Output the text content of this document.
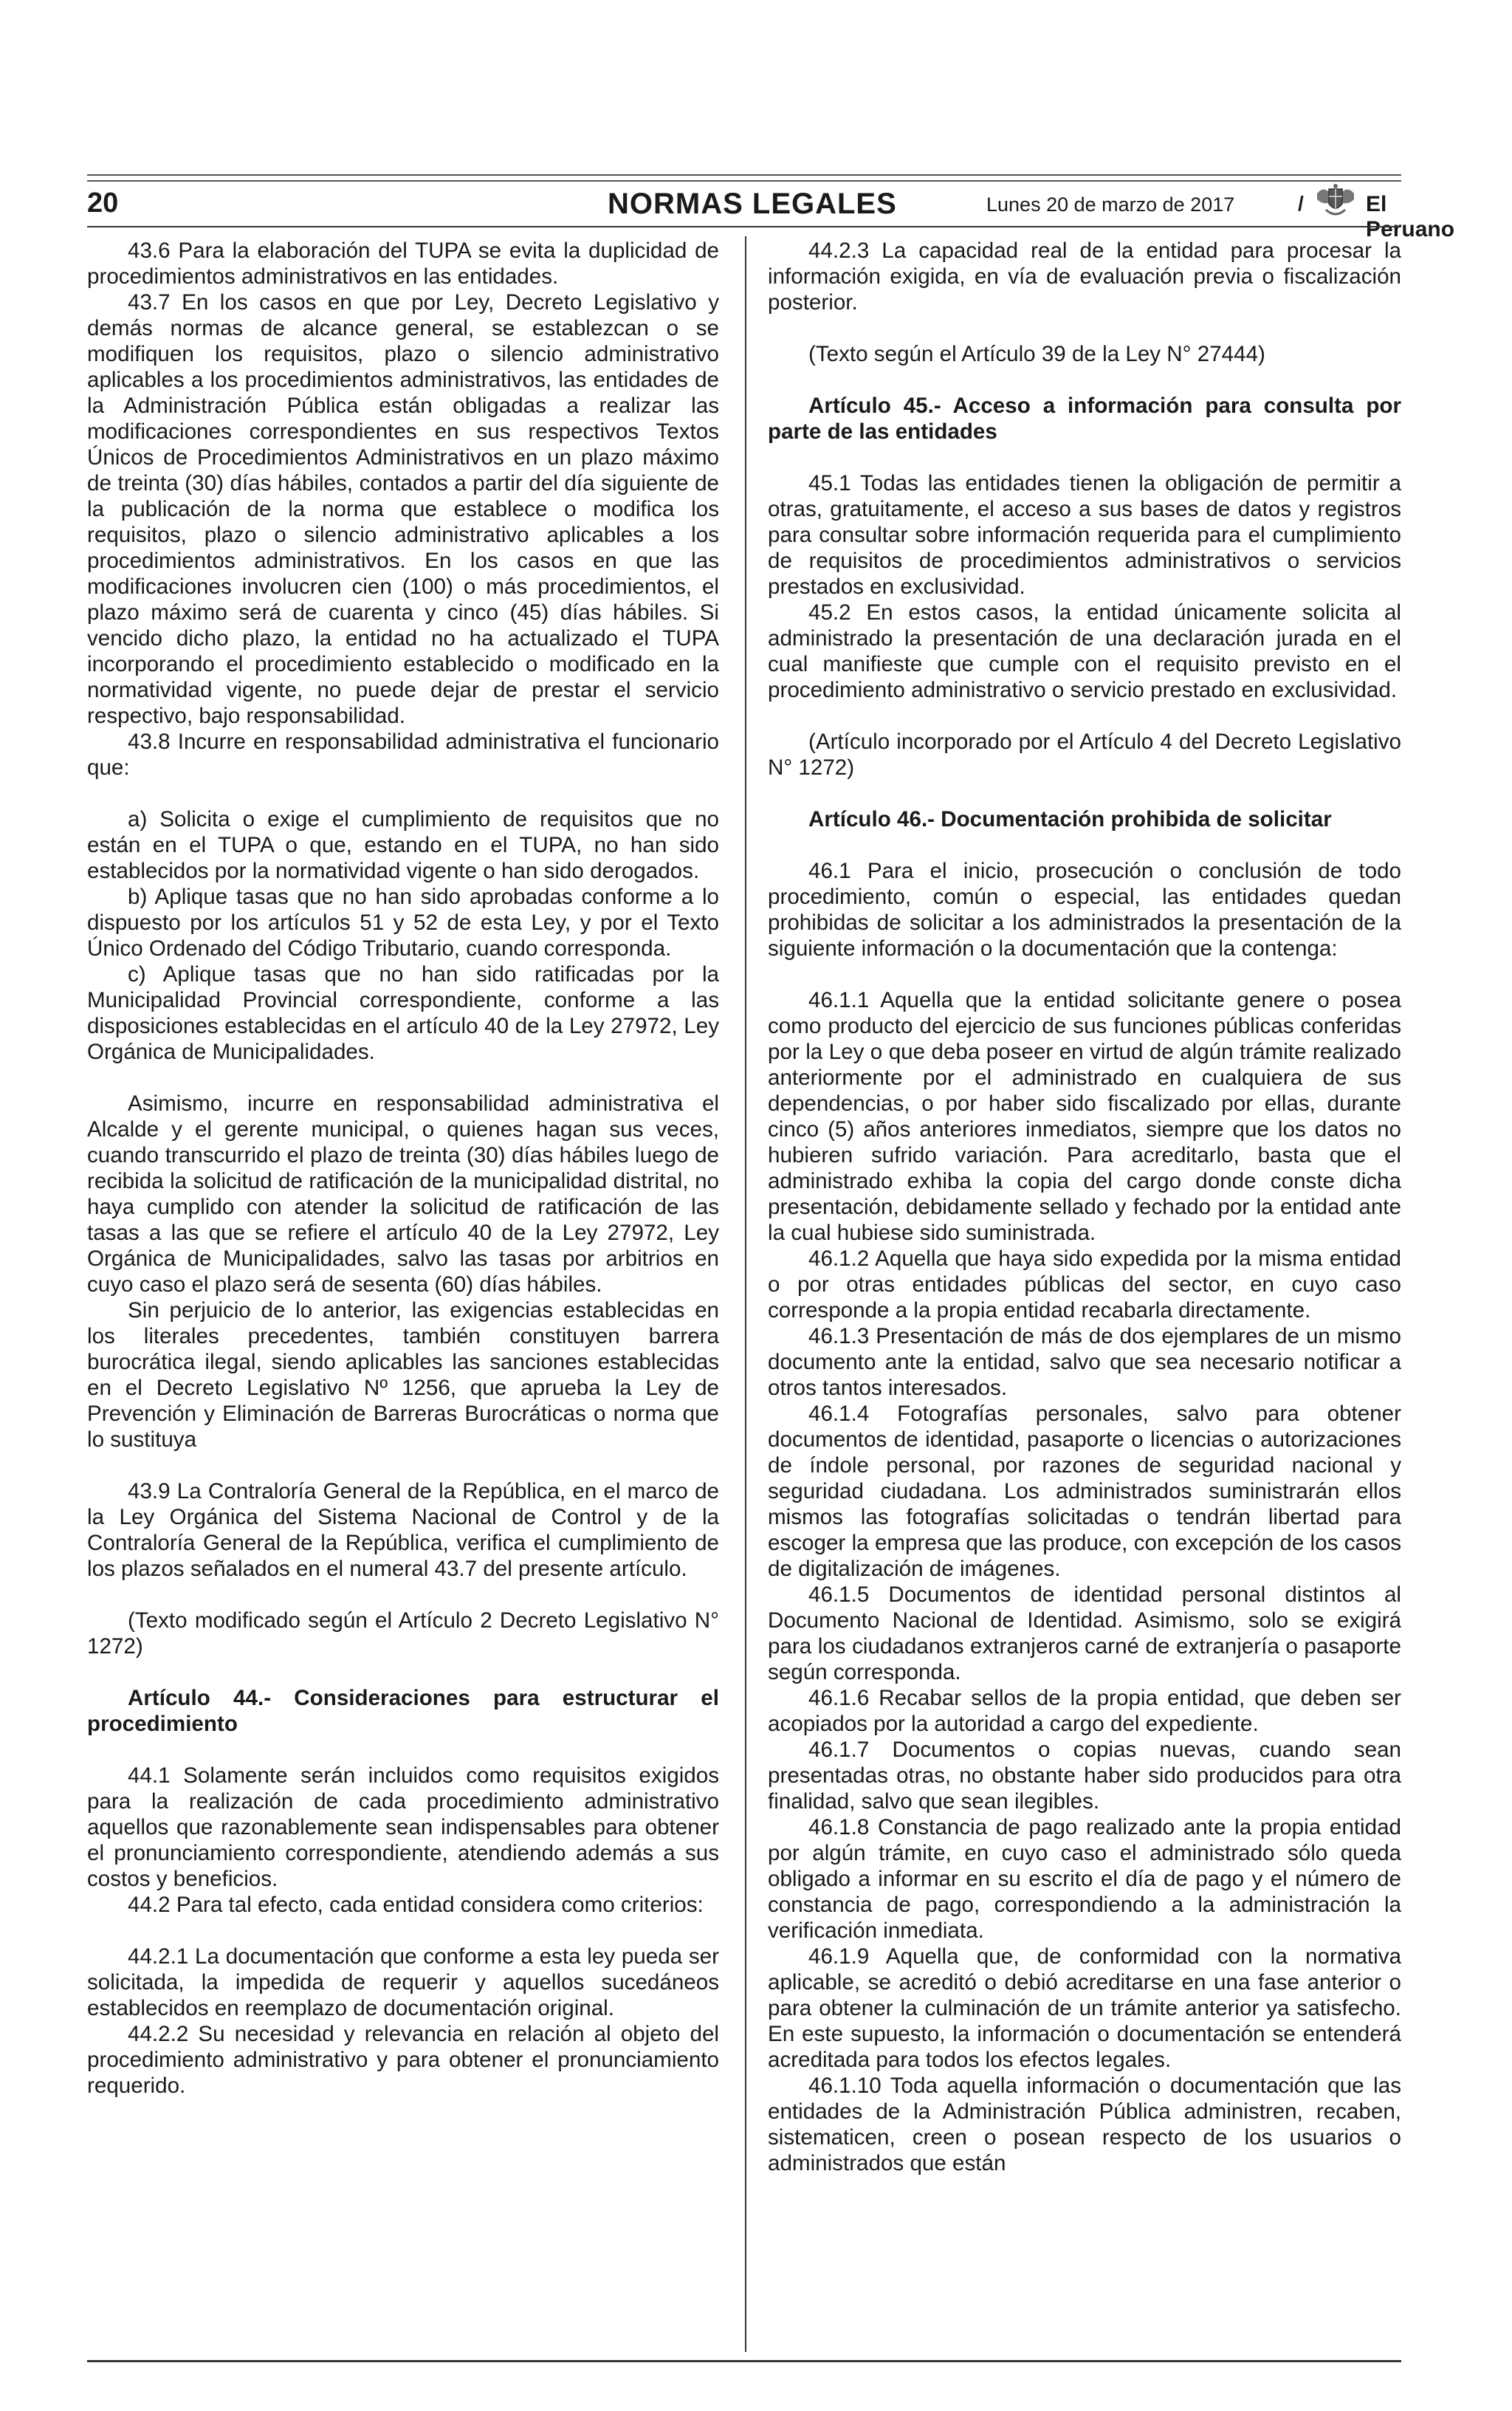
20	NORMAS LEGALES	Lunes 20 de marzo de 2017	/	El Peruano

43.6 Para la elaboración del TUPA se evita la duplicidad de procedimientos administrativos en las entidades.

43.7 En los casos en que por Ley, Decreto Legislativo y demás normas de alcance general, se establezcan o se modifiquen los requisitos, plazo o silencio administrativo aplicables a los procedimientos administrativos, las entidades de la Administración Pública están obligadas a realizar las modificaciones correspondientes en sus respectivos Textos Únicos de Procedimientos Administrativos en un plazo máximo de treinta (30) días hábiles, contados a partir del día siguiente de la publicación de la norma que establece o modifica los requisitos, plazo o silencio administrativo aplicables a los procedimientos administrativos. En los casos en que las modificaciones involucren cien (100) o más procedimientos, el plazo máximo será de cuarenta y cinco (45) días hábiles. Si vencido dicho plazo, la entidad no ha actualizado el TUPA incorporando el procedimiento establecido o modificado en la normatividad vigente, no puede dejar de prestar el servicio respectivo, bajo responsabilidad.

43.8 Incurre en responsabilidad administrativa el funcionario que:

a) Solicita o exige el cumplimiento de requisitos que no están en el TUPA o que, estando en el TUPA, no han sido establecidos por la normatividad vigente o han sido derogados.

b) Aplique tasas que no han sido aprobadas conforme a lo dispuesto por los artículos 51 y 52 de esta Ley, y por el Texto Único Ordenado del Código Tributario, cuando corresponda.

c) Aplique tasas que no han sido ratificadas por la Municipalidad Provincial correspondiente, conforme a las disposiciones establecidas en el artículo 40 de la Ley 27972, Ley Orgánica de Municipalidades.

Asimismo, incurre en responsabilidad administrativa el Alcalde y el gerente municipal, o quienes hagan sus veces, cuando transcurrido el plazo de treinta (30) días hábiles luego de recibida la solicitud de ratificación de la municipalidad distrital, no haya cumplido con atender la solicitud de ratificación de las tasas a las que se refiere el artículo 40 de la Ley 27972, Ley Orgánica de Municipalidades, salvo las tasas por arbitrios en cuyo caso el plazo será de sesenta (60) días hábiles.

Sin perjuicio de lo anterior, las exigencias establecidas en los literales precedentes, también constituyen barrera burocrática ilegal, siendo aplicables las sanciones establecidas en el Decreto Legislativo Nº 1256, que aprueba la Ley de Prevención y Eliminación de Barreras Burocráticas o norma que lo sustituya

43.9 La Contraloría General de la República, en el marco de la Ley Orgánica del Sistema Nacional de Control y de la Contraloría General de la República, verifica el cumplimiento de los plazos señalados en el numeral 43.7 del presente artículo.

(Texto modificado según el Artículo 2 Decreto Legislativo N° 1272)

Artículo 44.- Consideraciones para estructurar el procedimiento

44.1 Solamente serán incluidos como requisitos exigidos para la realización de cada procedimiento administrativo aquellos que razonablemente sean indispensables para obtener el pronunciamiento correspondiente, atendiendo además a sus costos y beneficios.

44.2 Para tal efecto, cada entidad considera como criterios:

44.2.1 La documentación que conforme a esta ley pueda ser solicitada, la impedida de requerir y aquellos sucedáneos establecidos en reemplazo de documentación original.

44.2.2 Su necesidad y relevancia en relación al objeto del procedimiento administrativo y para obtener el pronunciamiento requerido.

44.2.3 La capacidad real de la entidad para procesar la información exigida, en vía de evaluación previa o fiscalización posterior.

(Texto según el Artículo 39 de la Ley N° 27444)

Artículo 45.- Acceso a información para consulta por parte de las entidades

45.1 Todas las entidades tienen la obligación de permitir a otras, gratuitamente, el acceso a sus bases de datos y registros para consultar sobre información requerida para el cumplimiento de requisitos de procedimientos administrativos o servicios prestados en exclusividad.

45.2 En estos casos, la entidad únicamente solicita al administrado la presentación de una declaración jurada en el cual manifieste que cumple con el requisito previsto en el procedimiento administrativo o servicio prestado en exclusividad.

(Artículo incorporado por el Artículo 4 del Decreto Legislativo N° 1272)

Artículo 46.- Documentación prohibida de solicitar

46.1 Para el inicio, prosecución o conclusión de todo procedimiento, común o especial, las entidades quedan prohibidas de solicitar a los administrados la presentación de la siguiente información o la documentación que la contenga:

46.1.1 Aquella que la entidad solicitante genere o posea como producto del ejercicio de sus funciones públicas conferidas por la Ley o que deba poseer en virtud de algún trámite realizado anteriormente por el administrado en cualquiera de sus dependencias, o por haber sido fiscalizado por ellas, durante cinco (5) años anteriores inmediatos, siempre que los datos no hubieren sufrido variación. Para acreditarlo, basta que el administrado exhiba la copia del cargo donde conste dicha presentación, debidamente sellado y fechado por la entidad ante la cual hubiese sido suministrada.

46.1.2 Aquella que haya sido expedida por la misma entidad o por otras entidades públicas del sector, en cuyo caso corresponde a la propia entidad recabarla directamente.

46.1.3 Presentación de más de dos ejemplares de un mismo documento ante la entidad, salvo que sea necesario notificar a otros tantos interesados.

46.1.4 Fotografías personales, salvo para obtener documentos de identidad, pasaporte o licencias o autorizaciones de índole personal, por razones de seguridad nacional y seguridad ciudadana. Los administrados suministrarán ellos mismos las fotografías solicitadas o tendrán libertad para escoger la empresa que las produce, con excepción de los casos de digitalización de imágenes.

46.1.5 Documentos de identidad personal distintos al Documento Nacional de Identidad. Asimismo, solo se exigirá para los ciudadanos extranjeros carné de extranjería o pasaporte según corresponda.

46.1.6 Recabar sellos de la propia entidad, que deben ser acopiados por la autoridad a cargo del expediente.

46.1.7 Documentos o copias nuevas, cuando sean presentadas otras, no obstante haber sido producidos para otra finalidad, salvo que sean ilegibles.

46.1.8 Constancia de pago realizado ante la propia entidad por algún trámite, en cuyo caso el administrado sólo queda obligado a informar en su escrito el día de pago y el número de constancia de pago, correspondiendo a la administración la verificación inmediata.

46.1.9 Aquella que, de conformidad con la normativa aplicable, se acreditó o debió acreditarse en una fase anterior o para obtener la culminación de un trámite anterior ya satisfecho. En este supuesto, la información o documentación se entenderá acreditada para todos los efectos legales.

46.1.10 Toda aquella información o documentación que las entidades de la Administración Pública administren, recaben, sistematicen, creen o posean respecto de los usuarios o administrados que están
